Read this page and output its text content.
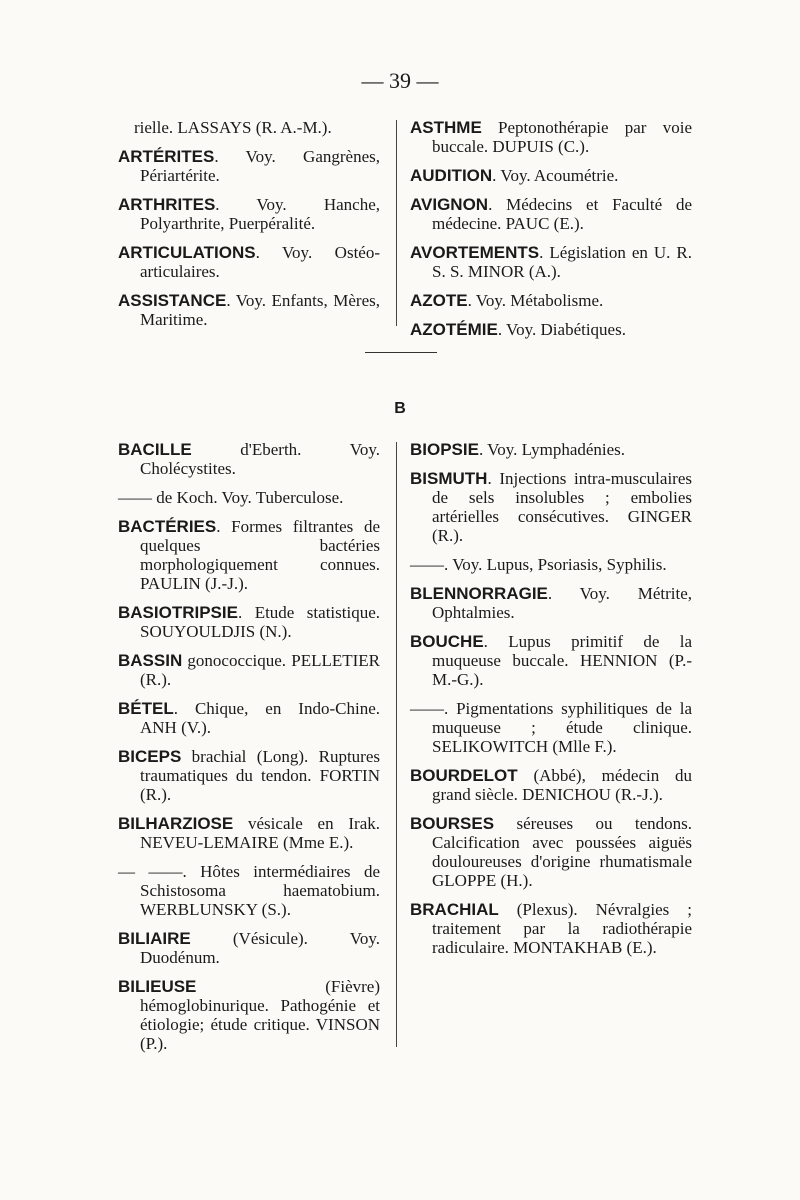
— 39 —

rielle. LASSAYS (R. A.-M.).

ARTÉRITES. Voy. Gangrènes, Périartérite.

ARTHRITES. Voy. Hanche, Polyarthrite, Puerpéralité.

ARTICULATIONS. Voy. Ostéo-articulaires.

ASSISTANCE. Voy. Enfants, Mères, Maritime.

ASTHME Peptonothérapie par voie buccale. DUPUIS (C.).

AUDITION. Voy. Acoumétrie.

AVIGNON. Médecins et Faculté de médecine. PAUC (E.).

AVORTEMENTS. Législation en U. R. S. S. MINOR (A.).

AZOTE. Voy. Métabolisme.

AZOTÉMIE. Voy. Diabétiques.

B

BACILLE d'Eberth. Voy. Cholécystites.

—— de Koch. Voy. Tuberculose.

BACTÉRIES. Formes filtrantes de quelques bactéries morphologiquement connues. PAULIN (J.-J.).

BASIOTRIPSIE. Etude statistique. SOUYOULDJIS (N.).

BASSIN gonococcique. PELLETIER (R.).

BÉTEL. Chique, en Indo-Chine. ANH (V.).

BICEPS brachial (Long). Ruptures traumatiques du tendon. FORTIN (R.).

BILHARZIOSE vésicale en Irak. NEVEU-LEMAIRE (Mme E.).

— ——. Hôtes intermédiaires de Schistosoma haematobium. WERBLUNSKY (S.).

BILIAIRE (Vésicule). Voy. Duodénum.

BILIEUSE (Fièvre) hémoglobinurique. Pathogénie et étiologie; étude critique. VINSON (P.).

BIOPSIE. Voy. Lymphadénies.

BISMUTH. Injections intra-musculaires de sels insolubles ; embolies artérielles consécutives. GINGER (R.).

——. Voy. Lupus, Psoriasis, Syphilis.

BLENNORRAGIE. Voy. Métrite, Ophtalmies.

BOUCHE. Lupus primitif de la muqueuse buccale. HENNION (P.-M.-G.).

——. Pigmentations syphilitiques de la muqueuse ; étude clinique. SELIKOWITCH (Mlle F.).

BOURDELOT (Abbé), médecin du grand siècle. DENICHOU (R.-J.).

BOURSES séreuses ou tendons. Calcification avec poussées aiguës douloureuses d'origine rhumatismale GLOPPE (H.).

BRACHIAL (Plexus). Névralgies ; traitement par la radiothérapie radiculaire. MONTAKHAB (E.).
